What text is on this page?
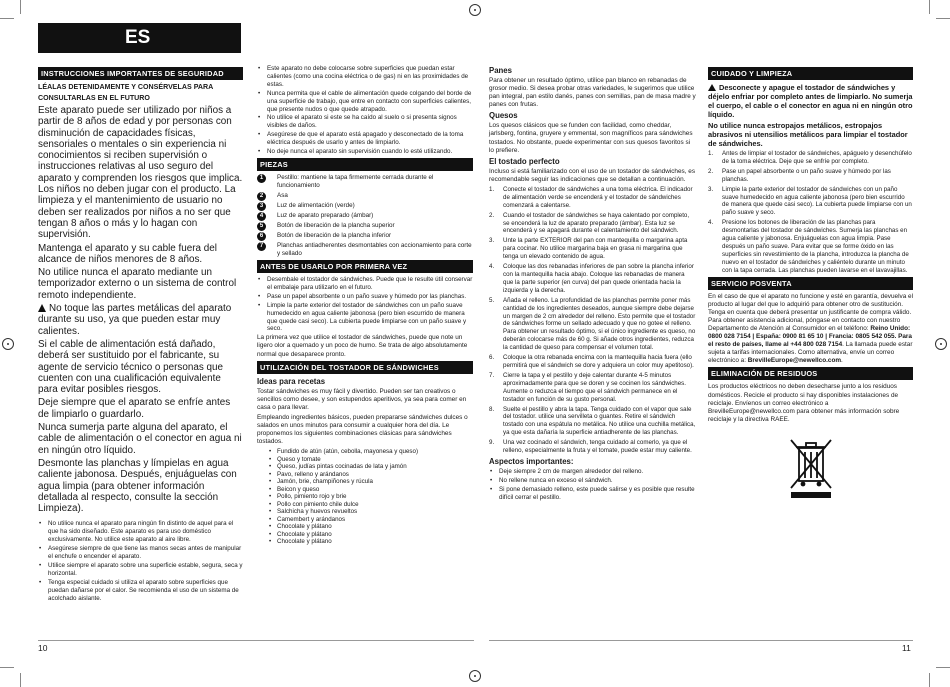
ES
INSTRUCCIONES IMPORTANTES DE SEGURIDAD
LÉALAS DETENIDAMENTE Y CONSÉRVELAS PARA
CONSULTARLAS EN EL FUTURO
Este aparato puede ser utilizado por niños a partir de 8 años de edad y por personas con disminución de capacidades físicas, sensoriales o mentales o sin experiencia ni conocimientos si reciben supervisión o instrucciones relativas al uso seguro del aparato y comprenden los riesgos que implica. Los niños no deben jugar con el producto. La limpieza y el mantenimiento de usuario no deben ser realizados por niños a no ser que tengan 8 años o más y lo hagan con supervisión.
Mantenga el aparato y su cable fuera del alcance de niños menores de 8 años.
No utilice nunca el aparato mediante un temporizador externo o un sistema de control remoto independiente.
No toque las partes metálicas del aparato durante su uso, ya que pueden estar muy calientes.
Si el cable de alimentación está dañado, deberá ser sustituido por el fabricante, su agente de servicio técnico o personas que cuenten con una cualificación equivalente para evitar posibles riesgos.
Deje siempre que el aparato se enfríe antes de limpiarlo o guardarlo.
Nunca sumerja parte alguna del aparato, el cable de alimentación o el conector en agua ni en ningún otro líquido.
Desmonte las planchas y límpielas en agua caliente jabonosa. Después, enjuáguelas con agua limpia (para obtener información detallada al respecto, consulte la sección Limpieza).
• No utilice nunca el aparato para ningún fin distinto de aquel para el que ha sido diseñado. Este aparato es para uso doméstico exclusivamente. No utilice este aparato al aire libre.
• Asegúrese siempre de que tiene las manos secas antes de manipular el enchufe o encender el aparato.
• Utilice siempre el aparato sobre una superficie estable, segura, seca y horizontal.
• Tenga especial cuidado si utiliza el aparato sobre superficies que puedan dañarse por el calor. Se recomienda el uso de un sistema de acolchado aislante.
• Este aparato no debe colocarse sobre superficies que puedan estar calientes (como una cocina eléctrica o de gas) ni en las proximidades de estas.
• Nunca permita que el cable de alimentación quede colgando del borde de una superficie de trabajo, que entre en contacto con superficies calientes, que presente nudos o que quede atrapado.
• No utilice el aparato si este se ha caído al suelo o si presenta signos visibles de daños.
• Asegúrese de que el aparato está apagado y desconectado de la toma eléctrica después de usarlo y antes de limpiarlo.
• No deje nunca el aparato sin supervisión cuando lo esté utilizando.
PIEZAS
1	Pestillo: mantiene la tapa firmemente cerrada durante el funcionamiento
2	Asa
3	Luz de alimentación (verde)
4	Luz de aparato preparado (ámbar)
5	Botón de liberación de la plancha superior
6	Botón de liberación de la plancha inferior
7	Planchas antiadherentes desmontables con accionamiento para corte y sellado
ANTES DE USARLO POR PRIMERA VEZ
• Desembale el tostador de sándwiches. Puede que le resulte útil conservar el embalaje para utilizarlo en el futuro.
• Pase un papel absorbente o un paño suave y húmedo por las planchas.
• Limpie la parte exterior del tostador de sándwiches con un paño suave humedecido en agua caliente jabonosa (pero bien escurrido de manera que quede casi seco). La cubierta puede limpiarse con un paño suave y seco.
La primera vez que utilice el tostador de sándwiches, puede que note un ligero olor a quemado y un poco de humo. Se trata de algo absolutamente normal que desaparece pronto.
UTILIZACIÓN DEL TOSTADOR DE SÁNDWICHES
Ideas para recetas
Tostar sándwiches es muy fácil y divertido. Pueden ser tan creativos o sencillos como desee, y son estupendos aperitivos, ya sea para comer en casa o para llevar.
Empleando ingredientes básicos, pueden prepararse sándwiches dulces o salados en unos minutos para consumir a cualquier hora del día. Le proponemos los siguientes combinaciones clásicas para sándwiches tostados.
• Fundido de atún (atún, cebolla, mayonesa y queso)
• Queso y tomate
• Queso, judías pintas cocinadas de lata y jamón
• Pavo, relleno y arándanos
• Jamón, brie, champiñones y rúcula
• Beicon y queso
• Pollo, pimiento rojo y brie
• Pollo con pimiento chile dulce
• Salchicha y huevos revueltos
• Camembert y arándanos
• Chocolate y plátano
• Chocolate y plátano
• Chocolate y plátano
Panes
Para obtener un resultado óptimo, utilice pan blanco en rebanadas de grosor medio. Si desea probar otras variedades, le sugerimos que utilice pan integral, pan estilo danés, panes con semillas, pan de masa madre y panes con frutas.
Quesos
Los quesos clásicos que se funden con facilidad, como cheddar, jarlsberg, fontina, gruyere y emmental, son magníficos para sándwiches tostados. No obstante, puede experimentar con sus quesos favoritos si lo prefiere.
El tostado perfecto
Incluso si está familiarizado con el uso de un tostador de sándwiches, es recomendable seguir las indicaciones que se detallan a continuación.
1. Conecte el tostador de sándwiches a una toma eléctrica. El indicador de alimentación verde se encenderá y el tostador de sándwiches comenzará a calentarse.
2. Cuando el tostador de sándwiches se haya calentado por completo, se encenderá la luz de aparato preparado (ámbar). Esta luz se encenderá y se apagará durante el calentamiento del sándwich.
3. Unte la parte EXTERIOR del pan con mantequilla o margarina apta para cocinar. No utilice margarina baja en grasa ni margarina que tenga un elevado contenido de agua.
4. Coloque las dos rebanadas inferiores de pan sobre la plancha inferior con la mantequilla hacia abajo. Coloque las rebanadas de manera que la parte superior (en curva) del pan quede orientada hacia la izquierda y la derecha.
5. Añada el relleno. La profundidad de las planchas permite poner más cantidad de los ingredientes deseados, aunque siempre debe dejarse un margen de 2 cm alrededor del relleno. Esto permite que el tostador de sándwiches forme un sellado adecuado y que no gotee el relleno. Para obtener un resultado óptimo, si el único ingrediente es queso, no deberán colocarse más de 60 g. Si añade otros ingredientes, reduzca la cantidad de queso para compensar el volumen total.
6. Coloque la otra rebanada encima con la mantequilla hacia fuera (ello permitirá que el sándwich se dore y adquiera un color muy apetitoso).
7. Cierre la tapa y el pestillo y deje calentar durante 4-5 minutos aproximadamente para que se doren y se cocinen los sándwiches. Aumente o reduzca el tiempo que el sándwich permanece en el tostador en función de su gusto personal.
8. Suelte el pestillo y abra la tapa. Tenga cuidado con el vapor que sale del tostador. utilice una servilleta o guantes. Retire el sándwich tostado con una espátula no metálica. No utilice una cuchilla metálica, ya que esta dañaría la superficie antiadherente de las planchas.
9. Una vez cocinado el sándwich, tenga cuidado al comerlo, ya que el relleno, especialmente la fruta y el tomate, puede estar muy caliente.
Aspectos importantes:
• Deje siempre 2 cm de margen alrededor del relleno.
• No rellene nunca en exceso el sándwich.
• Si pone demasiado relleno, este puede salirse y es posible que resulte difícil cerrar el pestillo.
CUIDADO Y LIMPIEZA
Desconecte y apague el tostador de sándwiches y déjelo enfriar por completo antes de limpiarlo. No sumerja el cuerpo, el cable o el conector en agua ni en ningún otro líquido.
No utilice nunca estropajos metálicos, estropajos abrasivos ni utensilios metálicos para limpiar el tostador de sándwiches.
1. Antes de limpiar el tostador de sándwiches, apáguelo y desenchúfelo de la toma eléctrica. Deje que se enfríe por completo.
2. Pase un papel absorbente o un paño suave y húmedo por las planchas.
3. Limpie la parte exterior del tostador de sándwiches con un paño suave humedecido en agua caliente jabonosa (pero bien escurrido de manera que quede casi seco). La cubierta puede limpiarse con un paño suave y seco.
4. Presione los botones de liberación de las planchas para desmontarlas del tostador de sándwiches. Sumerja las planchas en agua caliente y jabonosa. Enjuáguelas con agua limpia. Pase después un paño suave. Para evitar que se forme óxido en las superficies sin revestimiento de la plancha, introduzca la plancha de nuevo en el tostador de sándwiches y caliéntelo durante un minuto con la tapa cerrada. Las planchas pueden lavarse en el lavavajillas.
SERVICIO POSVENTA
En el caso de que el aparato no funcione y esté en garantía, devuelva el producto al lugar del que lo adquirió para obtener otro de sustitución. Tenga en cuenta que deberá presentar un justificante de compra válido. Para obtener asistencia adicional, póngase en contacto con nuestro Departamento de Atención al Consumidor en el teléfono: Reino Unido: 0800 028 7154 | España: 0900 81 65 10 | Francia: 0805 542 055. Para el resto de países, llame al +44 800 028 7154. La llamada puede estar sujeta a tarifas internacionales. Como alternativa, envíe un correo electrónico a: BrevilleEurope@newellco.com.
ELIMINACIÓN DE RESIDUOS
Los productos eléctricos no deben desecharse junto a los residuos domésticos. Recicle el producto si hay disponibles instalaciones de reciclaje. Envíenos un correo electrónico a BrevilleEurope@newellco.com para obtener más información sobre reciclaje y la directiva RAEE.
10	11
